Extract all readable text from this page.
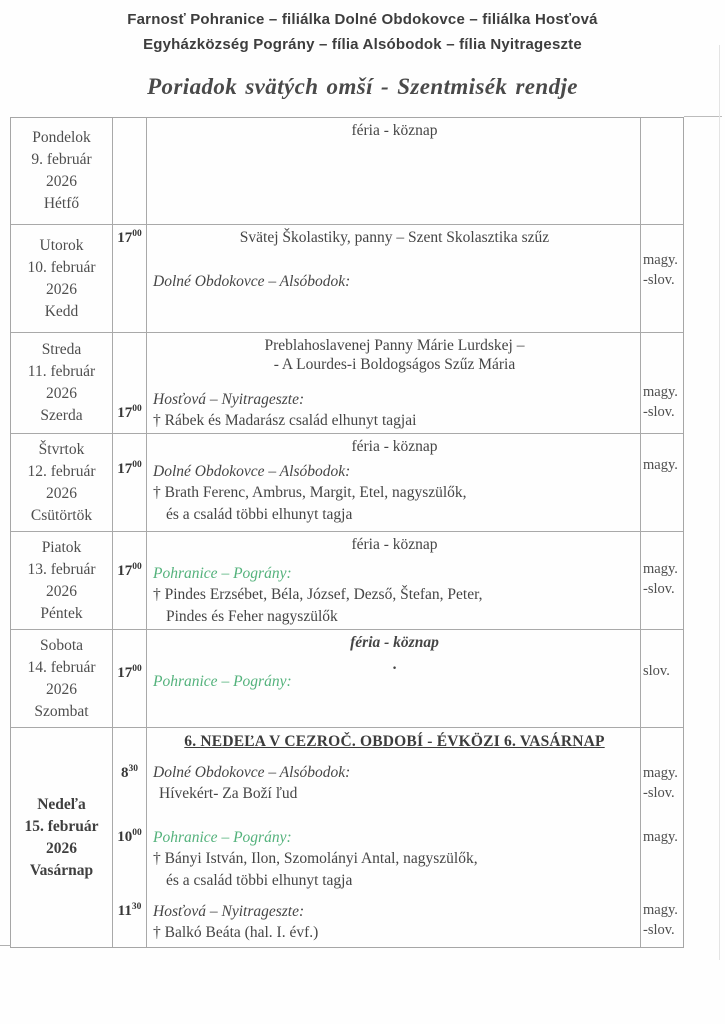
Farnosť Pohranice – filiálka Dolné Obdokovce – filiálka Hosťová
Egyházközség Pográny – fília Alsóbodok – fília Nyitrageszte
Poriadok svätých omší - Szentmisék rendje
Pondelok
9. február
2026
Hétfő
féria - köznap
Utorok
10. február
2026
Kedd
$17^{00}$	Svätej Školastiky, panny – Szent Skolasztika szűz
Dolné Obdokovce – Alsóbodok:
magy.
-slov.
Streda
11. február
2026
Szerda $17^{00}$
Preblahoslavenej Panny Márie Lurdskej –
- A Lourdes-i Boldogságos Szűz Mária
Hosťová – Nyitrageszte:
† Rábek és Madarász család elhunyt tagjai
magy.
-slov.
Štvrtok
12. február
2026
Csütörtök
$17^{00}$
féria - köznap
Dolné Obdokovce – Alsóbodok:
† Brath Ferenc, Ambrus, Margit, Etel, nagyszülők,
és a család többi elhunyt tagja
magy.
Piatok
13. február
2026
Péntek
$17^{00}$
féria - köznap
Pohranice – Pográny:
† Pindes Erzsébet, Béla, József, Dezső, Štefan, Peter,
Pindes és Feher nagyszülők
magy.
-slov.
Sobota
14. február
2026
Szombat
$17^{00}$
féria - köznap
.
Pohranice – Pográny:
slov.
Nedeľa
15. február
2026
Vasárnap
$8^{30}$
$10^{00}$
$11^{30}$
6. NEDEĽA V CEZROČ. OBDOBÍ - ÉVKÖZI 6. VASÁRNAP
Dolné Obdokovce – Alsóbodok:
Hívekért- Za Boží ľud
Pohranice – Pográny:
† Bányi István, Ilon, Szomolányi Antal, nagyszülők,
és a család többi elhunyt tagja
Hosťová – Nyitrageszte:
† Balkó Beáta (hal. I. évf.)
magy.
-slov.
magy.
magy.
-slov.
